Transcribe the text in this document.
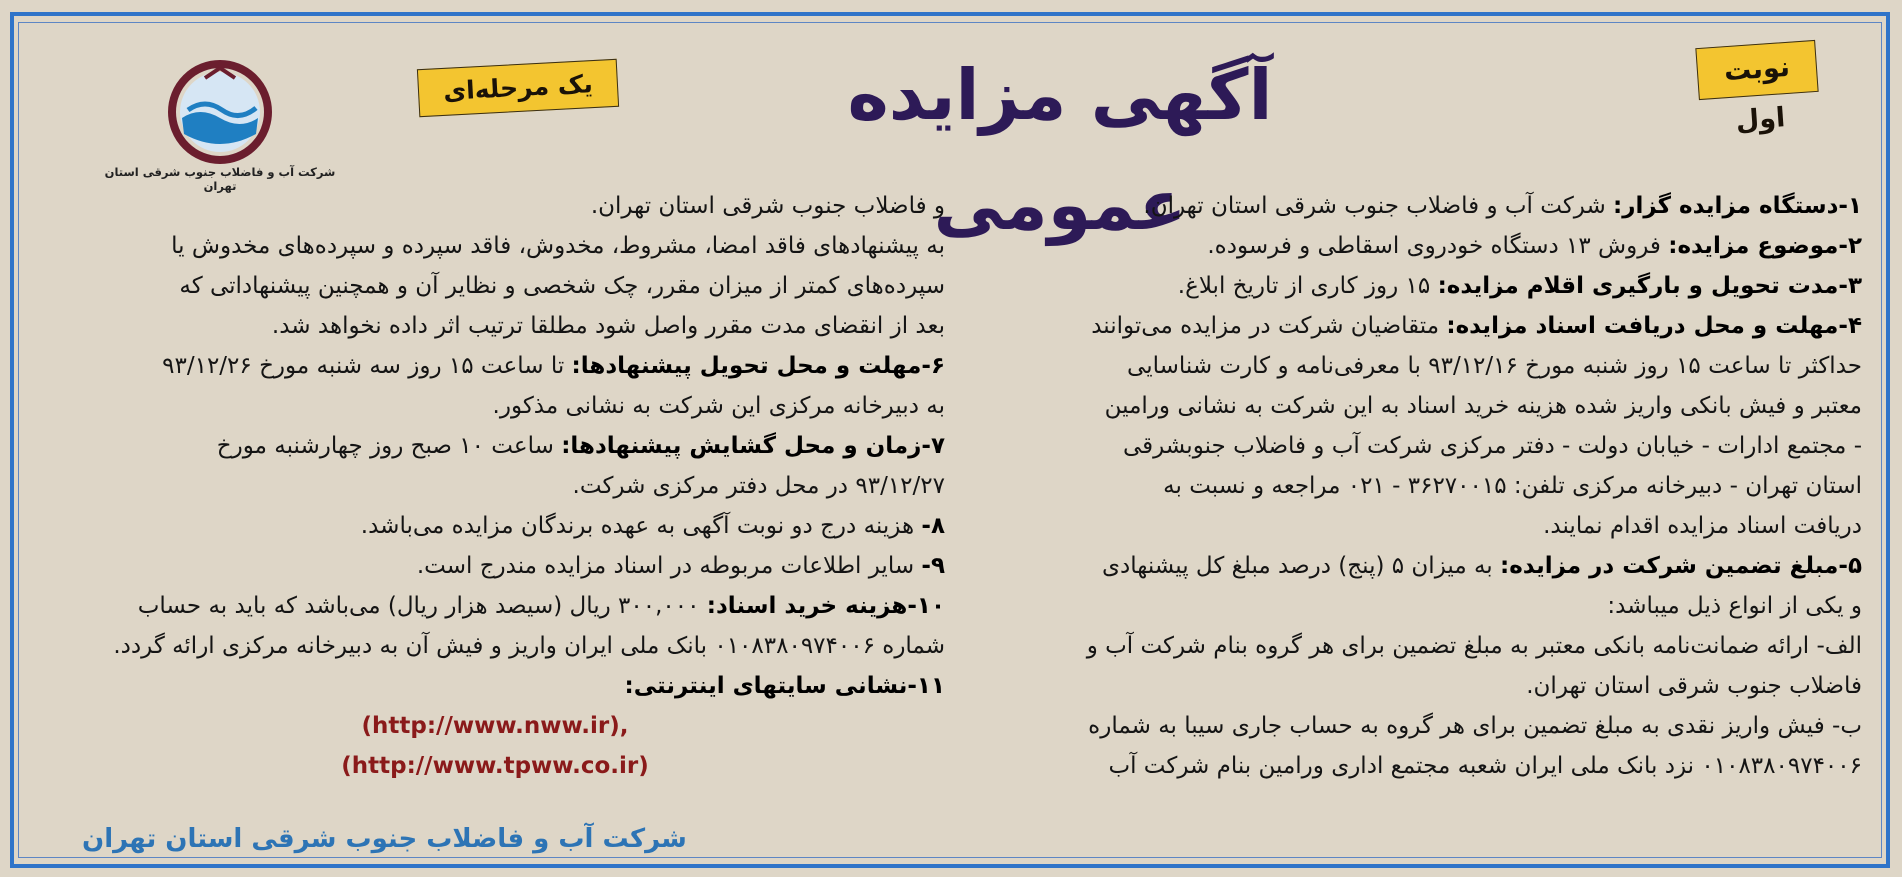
نوبت اول
یک مرحله‌ای	آگهی مزایده عمومی
شرکت آب و فاضلاب جنوب شرقی استان تهران

۱-دستگاه مزایده گزار: شرکت آب و فاضلاب جنوب شرقی استان تهران.

۲-موضوع مزایده: فروش ۱۳ دستگاه خودروی اسقاطی و فرسوده.

۳-مدت تحویل و بارگیری اقلام مزایده: ۱۵ روز کاری از تاریخ ابلاغ.

۴-مهلت و محل دریافت اسناد مزایده: متقاضیان شرکت در مزایده می‌توانند

حداکثر تا ساعت ۱۵ روز شنبه مورخ ۹۳/۱۲/۱۶ با معرفی‌نامه و کارت شناسایی

معتبر و فیش بانکی واریز شده هزینه خرید اسناد به این شرکت به نشانی ورامین

- مجتمع ادارات - خیابان دولت - دفتر مرکزی شرکت آب و فاضلاب جنوبشرقی

استان تهران - دبیرخانه مرکزی تلفن: ۳۶۲۷۰۰۱۵ - ۰۲۱ مراجعه و نسبت به

دریافت اسناد مزایده اقدام نمایند.

۵-مبلغ تضمین شرکت در مزایده: به میزان ۵ (پنج) درصد مبلغ کل پیشنهادی

و یکی از انواع ذیل میباشد:

الف- ارائه ضمانت‌نامه بانکی معتبر به مبلغ تضمین برای هر گروه بنام شرکت آب و

فاضلاب جنوب شرقی استان تهران.

ب- فیش واریز نقدی به مبلغ تضمین برای هر گروه به حساب جاری سیبا به شماره

۰۱۰۸۳۸۰۹۷۴۰۰۶ نزد بانک ملی ایران شعبه مجتمع اداری ورامین بنام شرکت آب

و فاضلاب جنوب شرقی استان تهران.

به پیشنهادهای فاقد امضا، مشروط، مخدوش، فاقد سپرده و سپرده‌های مخدوش یا

سپرده‌های کمتر از میزان مقرر، چک شخصی و نظایر آن و همچنین پیشنهاداتی که

بعد از انقضای مدت مقرر واصل شود مطلقا ترتیب اثر داده نخواهد شد.

۶-مهلت و محل تحویل پیشنهادها: تا ساعت ۱۵ روز سه شنبه مورخ ۹۳/۱۲/۲۶

به دبیرخانه مرکزی این شرکت به نشانی مذکور.

۷-زمان و محل گشایش پیشنهادها: ساعت ۱۰ صبح روز چهارشنبه مورخ

۹۳/۱۲/۲۷ در محل دفتر مرکزی شرکت.

۸- هزینه درج دو نوبت آگهی به عهده برندگان مزایده می‌باشد.

۹- سایر اطلاعات مربوطه در اسناد مزایده مندرج است.

۱۰-هزینه خرید اسناد: ۳۰۰,۰۰۰ ریال (سیصد هزار ریال) می‌باشد که باید به حساب

شماره ۰۱۰۸۳۸۰۹۷۴۰۰۶ بانک ملی ایران واریز و فیش آن به دبیرخانه مرکزی ارائه گردد.

۱۱-نشانی سایتهای اینترنتی:

(http://www.nww.ir),

(http://www.tpww.co.ir)

شرکت آب و فاضلاب جنوب شرقی استان تهران
